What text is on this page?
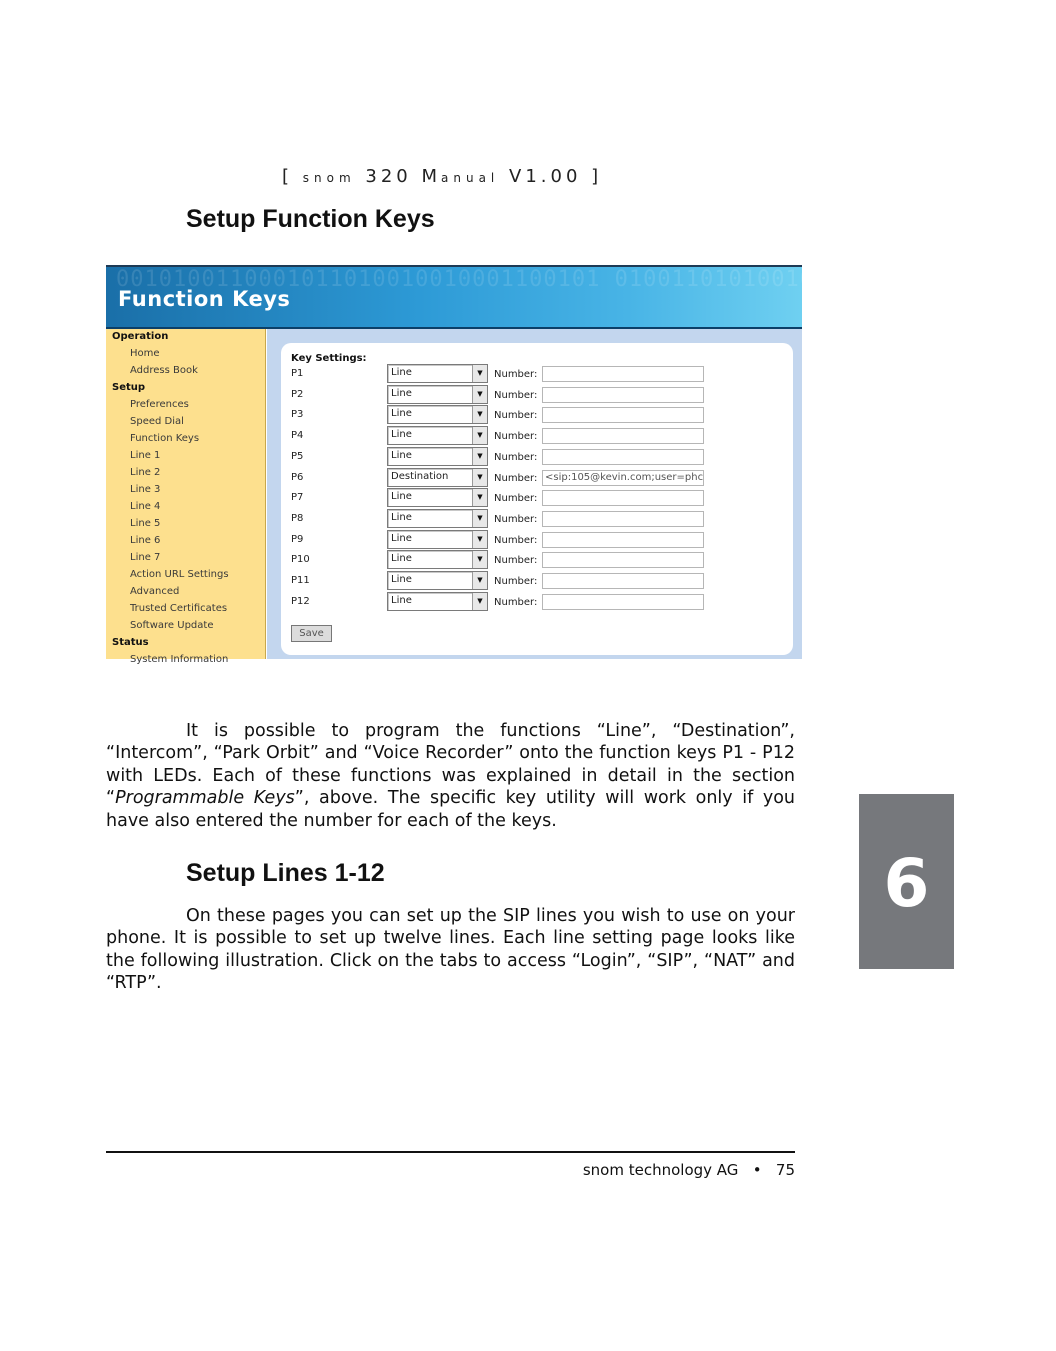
[ snom 320 Manual V1.00 ]
Setup Function Keys
0010100110001011010010010001100101 0100110101001011000101101001000
Function Keys
Operation
Home
Address Book
Setup
Preferences
Speed Dial
Function Keys
Line 1
Line 2
Line 3
Line 4
Line 5
Line 6
Line 7
Action URL Settings
Advanced
Trusted Certificates
Software Update
Status
System Information
Key Settings:
P1	Line	▼	Number:
P2	Line	▼	Number:
P3	Line	▼	Number:
P4	Line	▼	Number:
P5	Line	▼	Number:
P6	Destination	▼	Number: <sip:105@kevin.com;user=phc
P7	Line	▼	Number:
P8	Line	▼	Number:
P9	Line	▼	Number:
P10	Line	▼	Number:
P11	Line	▼	Number:
P12	Line	▼	Number:
Save
It is possible to program the functions “Line”, “Destination”, “Intercom”, “Park Orbit” and “Voice Recorder” onto the function keys P1 - P12 with LEDs. Each of these functions was explained in detail in the section “Programmable Keys”, above. The specific key utility will work only if you have also entered the number for each of the keys.
Setup Lines 1-12
On these pages you can set up the SIP lines you wish to use on your phone. It is possible to set up twelve lines. Each line setting page looks like the following illustration. Click on the tabs to access “Login”, “SIP”, “NAT” and “RTP”.
6
snom technology AG • 75
